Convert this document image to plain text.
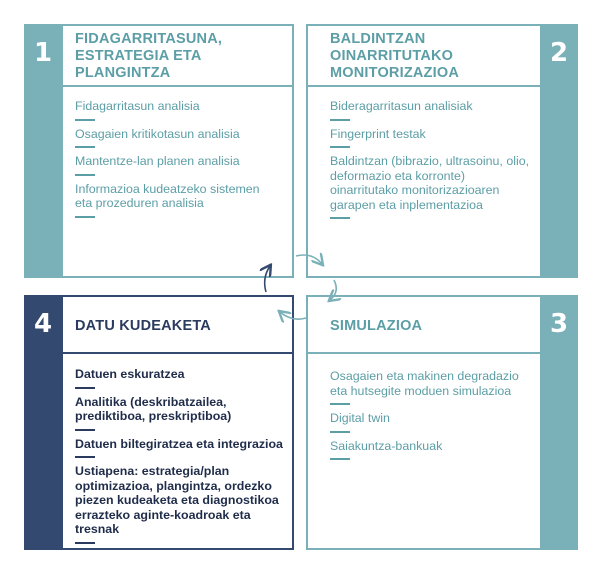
1	FIDAGARRITASUNA, ESTRATEGIA ETA PLANGINTZA
Fidagarritasun analisia
Osagaien kritikotasun analisia
Mantentze-lan planen analisia
Informazioa kudeatzeko sistemen eta prozeduren analisia
2
BALDINTZAN OINARRITUTAKO MONITORIZAZIOA
Bideragarritasun analisiak
Fingerprint testak
Baldintzan (bibrazio, ultrasoinu, olio, deformazio eta korronte) oinarritutako monitorizazioaren garapen eta inplementazioa
4	DATU KUDEAKETA
Datuen eskuratzea
Analitika (deskribatzailea, prediktiboa, preskriptiboa)
Datuen biltegiratzea eta integrazioa
Ustiapena: estrategia/plan optimizazioa, plangintza, ordezko piezen kudeaketa eta diagnostikoa errazteko aginte-koadroak eta tresnak
3
SIMULAZIOA
Osagaien eta makinen degradazio eta hutsegite moduen simulazioa
Digital twin
Saiakuntza-bankuak
